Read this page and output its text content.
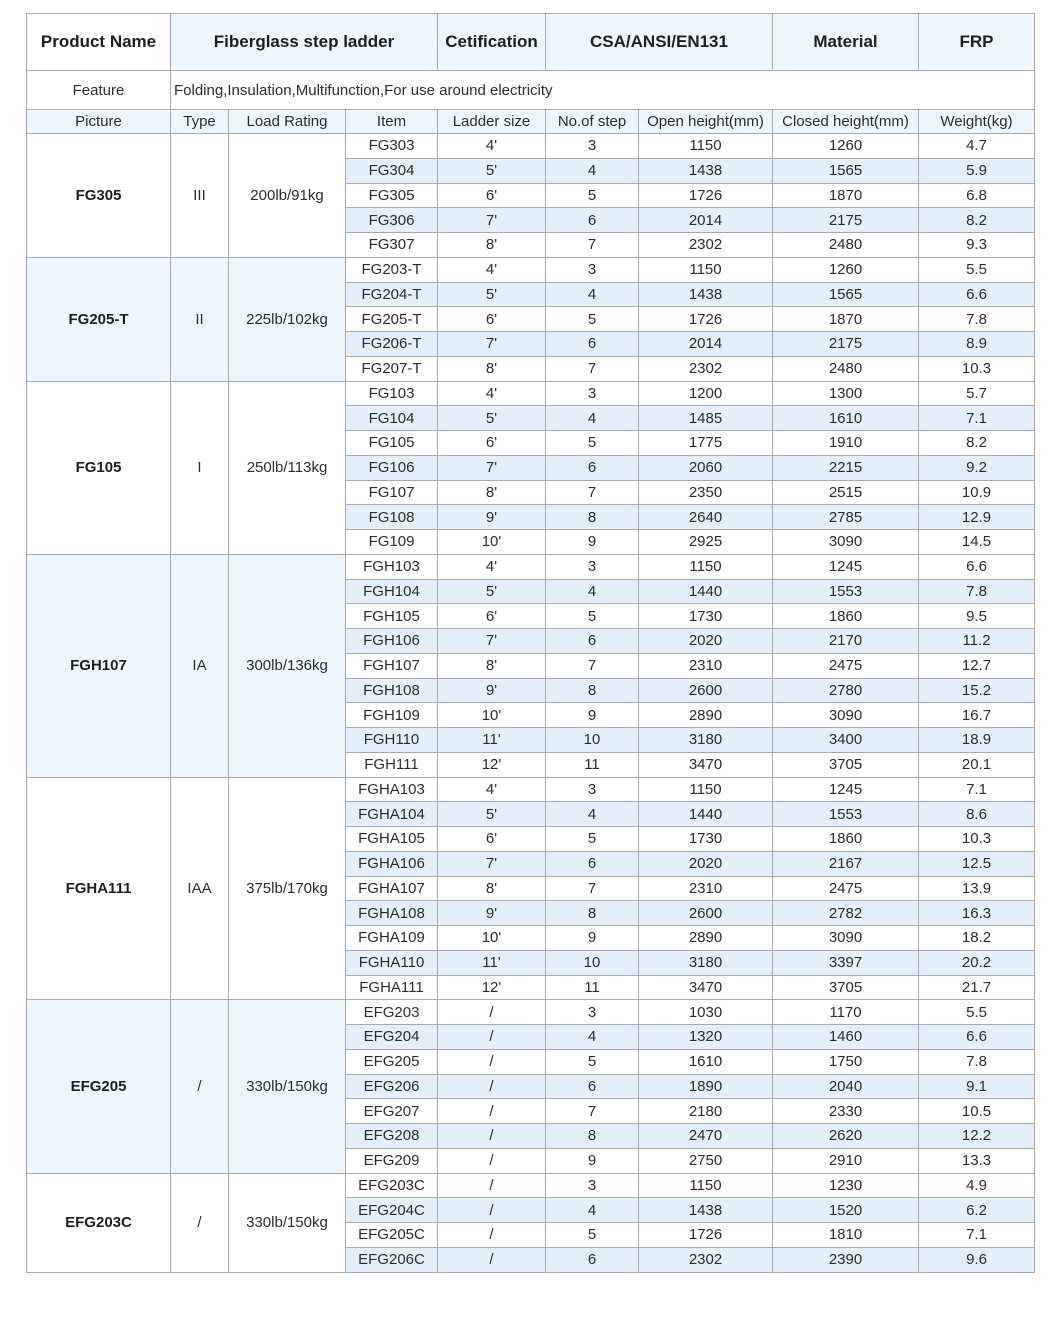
Product Name	Fiberglass step ladder			Cetification	CSA/ANSI/EN131		Material	FRP
Feature	Folding,Insulation,Multifunction,For use around electricity							
Picture	Type	Load Rating	Item	Ladder size	No.of step	Open height(mm)	Closed height(mm)	Weight(kg)
FG305	III	200lb/91kg	FG303	4'	3	1150	1260	4.7
			FG304	5'	4	1438	1565	5.9
			FG305	6'	5	1726	1870	6.8
			FG306	7'	6	2014	2175	8.2
			FG307	8'	7	2302	2480	9.3
FG205-T	II	225lb/102kg	FG203-T	4'	3	1150	1260	5.5
			FG204-T	5'	4	1438	1565	6.6
			FG205-T	6'	5	1726	1870	7.8
			FG206-T	7'	6	2014	2175	8.9
			FG207-T	8'	7	2302	2480	10.3
FG105	I	250lb/113kg	FG103	4'	3	1200	1300	5.7
			FG104	5'	4	1485	1610	7.1
			FG105	6'	5	1775	1910	8.2
			FG106	7'	6	2060	2215	9.2
			FG107	8'	7	2350	2515	10.9
			FG108	9'	8	2640	2785	12.9
			FG109	10'	9	2925	3090	14.5
FGH107	IA	300lb/136kg	FGH103	4'	3	1150	1245	6.6
			FGH104	5'	4	1440	1553	7.8
			FGH105	6'	5	1730	1860	9.5
			FGH106	7'	6	2020	2170	11.2
			FGH107	8'	7	2310	2475	12.7
			FGH108	9'	8	2600	2780	15.2
			FGH109	10'	9	2890	3090	16.7
			FGH110	11'	10	3180	3400	18.9
			FGH111	12'	11	3470	3705	20.1
FGHA111	IAA	375lb/170kg	FGHA103	4'	3	1150	1245	7.1
			FGHA104	5'	4	1440	1553	8.6
			FGHA105	6'	5	1730	1860	10.3
			FGHA106	7'	6	2020	2167	12.5
			FGHA107	8'	7	2310	2475	13.9
			FGHA108	9'	8	2600	2782	16.3
			FGHA109	10'	9	2890	3090	18.2
			FGHA110	11'	10	3180	3397	20.2
			FGHA111	12'	11	3470	3705	21.7
EFG205	/	330lb/150kg	EFG203	/	3	1030	1170	5.5
			EFG204	/	4	1320	1460	6.6
			EFG205	/	5	1610	1750	7.8
			EFG206	/	6	1890	2040	9.1
			EFG207	/	7	2180	2330	10.5
			EFG208	/	8	2470	2620	12.2
			EFG209	/	9	2750	2910	13.3
EFG203C	/	330lb/150kg	EFG203C	/	3	1150	1230	4.9
			EFG204C	/	4	1438	1520	6.2
			EFG205C	/	5	1726	1810	7.1
			EFG206C	/	6	2302	2390	9.6
